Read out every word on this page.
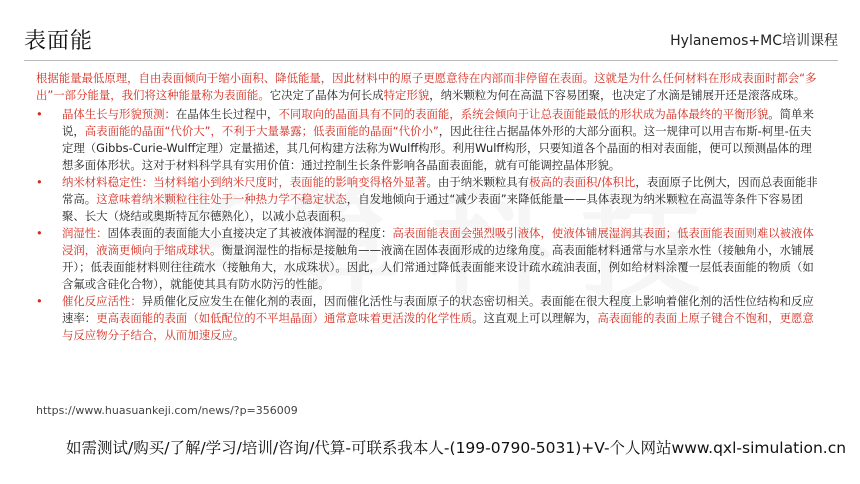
表面能	Hylanemos+MC培训课程

根据能量最低原理，自由表面倾向于缩小面积、降低能量，因此材料中的原子更愿意待在内部而非停留在表面。这就是为什么任何材料在形成表面时都会“多出”一部分能量，我们将这种能量称为表面能。它决定了晶体为何长成特定形貌，纳米颗粒为何在高温下容易团聚，也决定了水滴是铺展开还是滚落成珠。

• 晶体生长与形貌预测：在晶体生长过程中，不同取向的晶面具有不同的表面能，系统会倾向于让总表面能最低的形状成为晶体最终的平衡形貌。简单来说，高表面能的晶面“代价大”，不利于大量暴露；低表面能的晶面“代价小”，因此往往占据晶体外形的大部分面积。这一规律可以用吉布斯-柯里-伍夫定理（Gibbs-Curie-Wulff定理）定量描述，其几何构建方法称为Wulff构形。利用Wulff构形，只要知道各个晶面的相对表面能，便可以预测晶体的理想多面体形状。这对于材料科学具有实用价值：通过控制生长条件影响各晶面表面能，就有可能调控晶体形貌。
• 纳米材料稳定性：当材料缩小到纳米尺度时，表面能的影响变得格外显著。由于纳米颗粒具有极高的表面积/体积比，表面原子比例大，因而总表面能非常高。这意味着纳米颗粒往往处于一种热力学不稳定状态，自发地倾向于通过“减少表面”来降低能量——具体表现为纳米颗粒在高温等条件下容易团聚、长大（烧结或奥斯特瓦尔德熟化），以减小总表面积。
• 润湿性：固体表面的表面能大小直接决定了其被液体润湿的程度：高表面能表面会强烈吸引液体，使液体铺展湿润其表面；低表面能表面则难以被液体浸润，液滴更倾向于缩成球状。衡量润湿性的指标是接触角——液滴在固体表面形成的边缘角度。高表面能材料通常与水呈亲水性（接触角小，水铺展开）；低表面能材料则往往疏水（接触角大，水成珠状）。因此，人们常通过降低表面能来设计疏水疏油表面，例如给材料涂覆一层低表面能的物质（如含氟或含硅化合物），就能使其具有防水防污的性能。
• 催化反应活性：异质催化反应发生在催化剂的表面，因而催化活性与表面原子的状态密切相关。表面能在很大程度上影响着催化剂的活性位结构和反应速率：更高表面能的表面（如低配位的不平坦晶面）通常意味着更活泼的化学性质。这直观上可以理解为，高表面能的表面上原子键合不饱和，更愿意与反应物分子结合，从而加速反应。
https://www.huasuankeji.com/news/?p=356009
如需测试/购买/了解/学习/培训/咨询/代算-可联系我本人-(199-0790-5031)+V-个人网站www.qxl-simulation.cn
